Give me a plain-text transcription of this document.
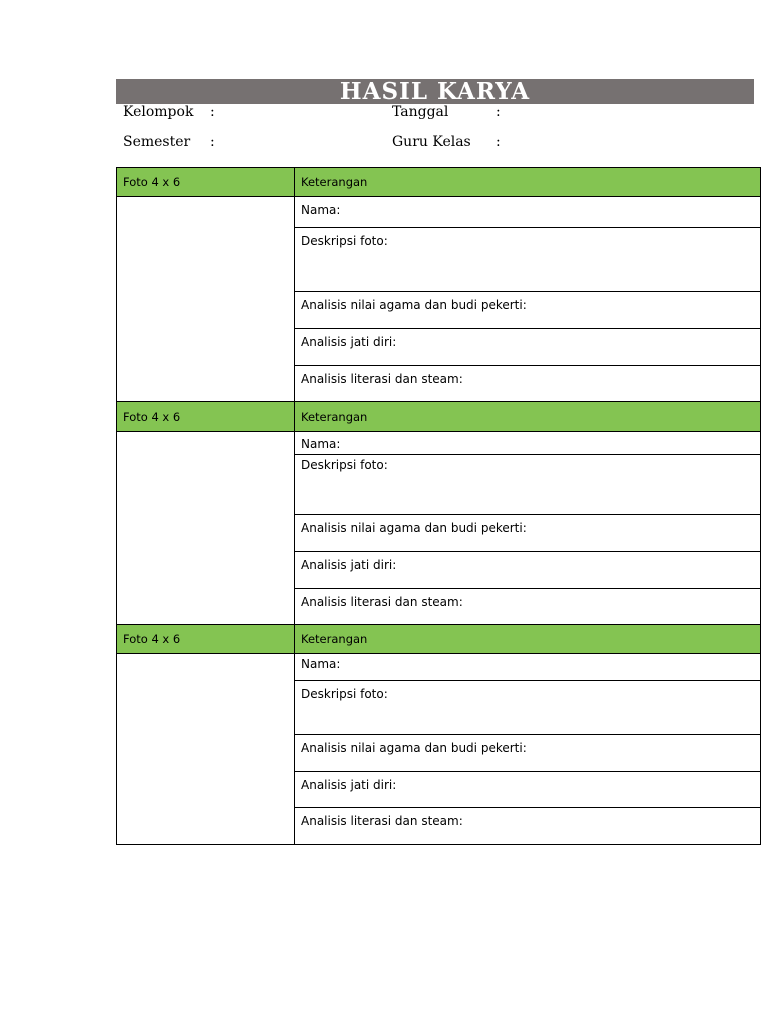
HASIL KARYA
Kelompok	:	Tanggal	:
Semester	:	Guru Kelas :
Foto 4 x 6	Keterangan

	Nama:

	Deskripsi foto:

	Analisis nilai agama dan budi pekerti:

	Analisis jati diri:

	Analisis literasi dan steam:
Foto 4 x 6	Keterangan

	Nama:

	Deskripsi foto:

	Analisis nilai agama dan budi pekerti:

	Analisis jati diri:

	Analisis literasi dan steam:
Foto 4 x 6	Keterangan

	Nama:

	Deskripsi foto:

	Analisis nilai agama dan budi pekerti:

	Analisis jati diri:

	Analisis literasi dan steam:
